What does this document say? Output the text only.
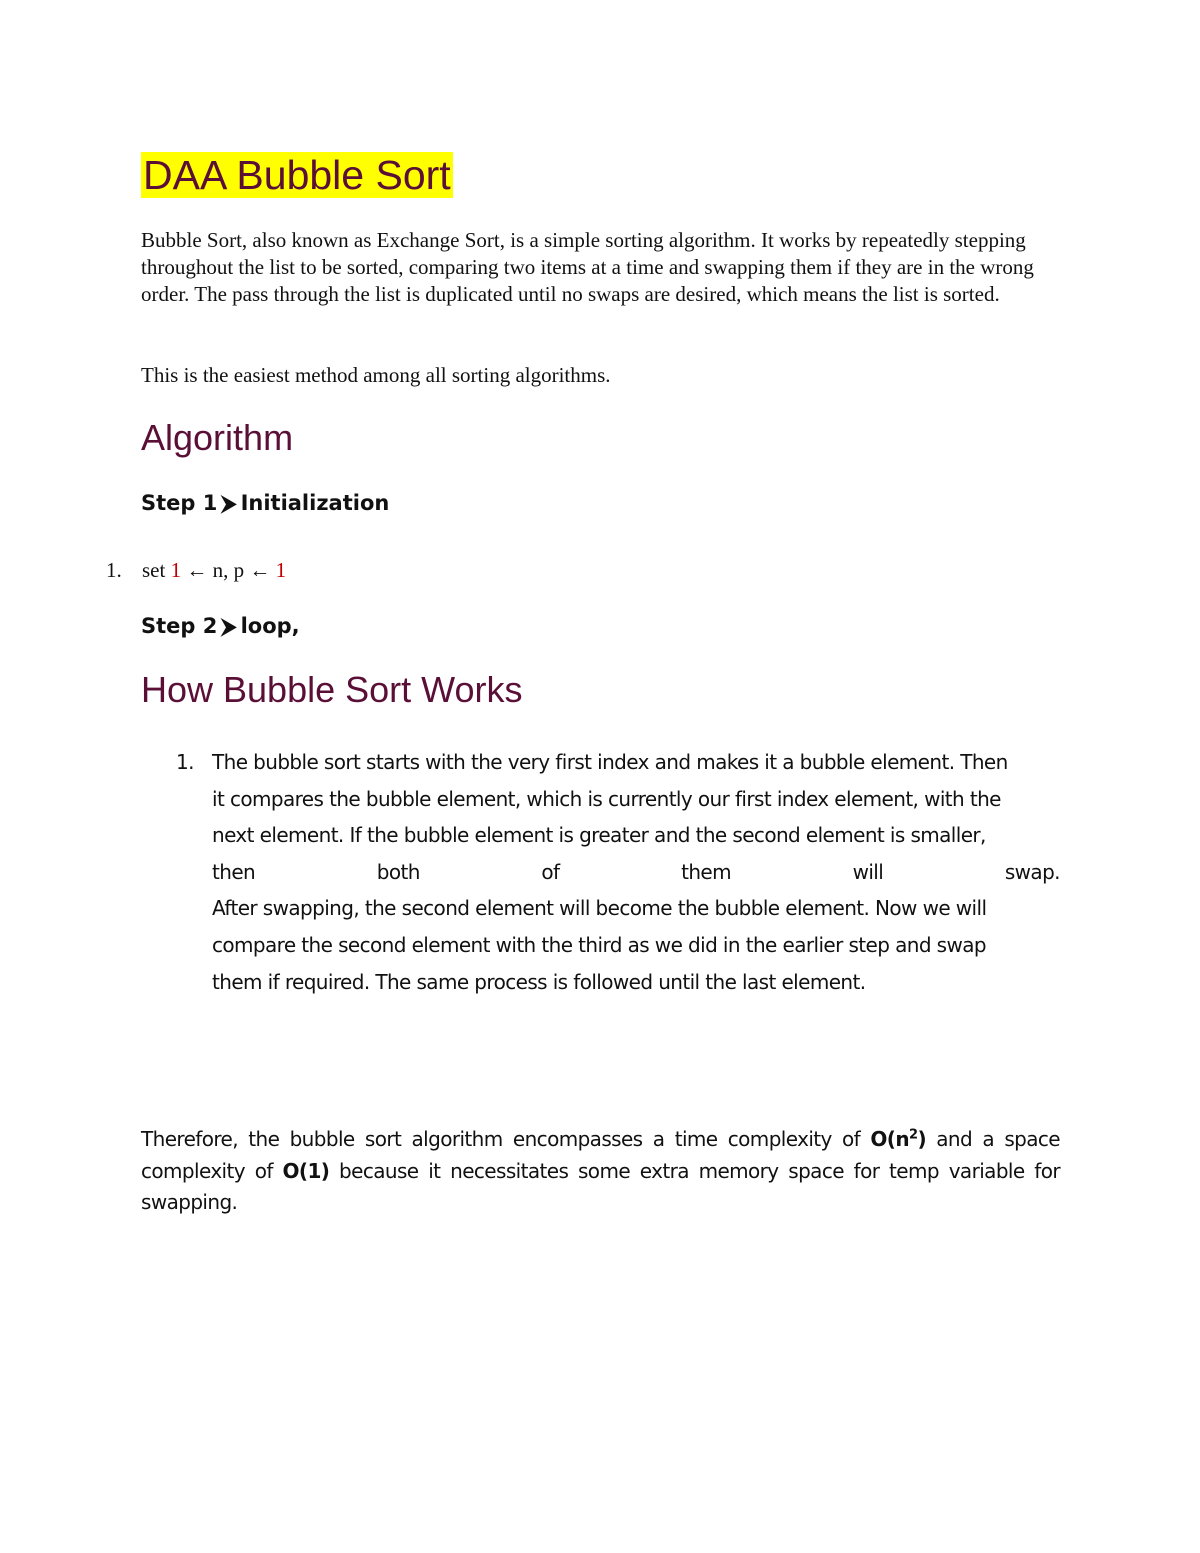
DAA Bubble Sort

Bubble Sort, also known as Exchange Sort, is a simple sorting algorithm. It works by repeatedly stepping throughout the list to be sorted, comparing two items at a time and swapping them if they are in the wrong order. The pass through the list is duplicated until no swaps are desired, which means the list is sorted.

This is the easiest method among all sorting algorithms.

Algorithm

Step 1 ⮞ Initialization

1. set 1 ← n, p ← 1

Step 2 ⮞ loop,

How Bubble Sort Works
1. The bubble sort starts with the very first index and makes it a bubble element. Then
it compares the bubble element, which is currently our first index element, with the
next element. If the bubble element is greater and the second element is smaller,
then	both	of	them	will	swap.
After swapping, the second element will become the bubble element. Now we will
compare the second element with the third as we did in the earlier step and swap
them if required. The same process is followed until the last element.

Therefore, the bubble sort algorithm encompasses a time complexity of $O(n^2)$ and a space complexity of O(1) because it necessitates some extra memory space for temp variable for swapping.
